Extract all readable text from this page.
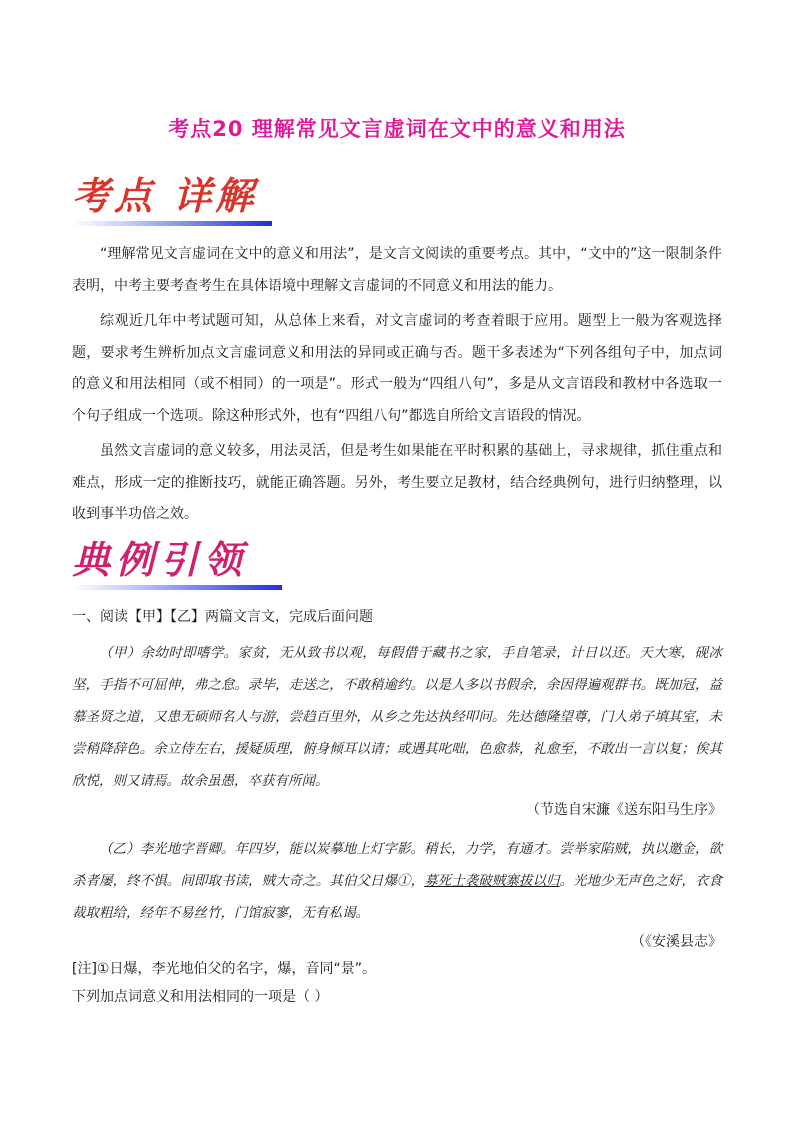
考点20 理解常见文言虚词在文中的意义和用法
考点 详解

“理解常见文言虚词在文中的意义和用法”，是文言文阅读的重要考点。其中，“文中的”这一限制条件表明，中考主要考查考生在具体语境中理解文言虚词的不同意义和用法的能力。

综观近几年中考试题可知，从总体上来看，对文言虚词的考查着眼于应用。题型上一般为客观选择题，要求考生辨析加点文言虚词意义和用法的异同或正确与否。题干多表述为“下列各组句子中，加点词的意义和用法相同（或不相同）的一项是”。形式一般为“四组八句”，多是从文言语段和教材中各选取一个句子组成一个选项。除这种形式外，也有“四组八句”都选自所给文言语段的情况。

虽然文言虚词的意义较多，用法灵活，但是考生如果能在平时积累的基础上，寻求规律，抓住重点和难点，形成一定的推断技巧，就能正确答题。另外，考生要立足教材，结合经典例句，进行归纳整理，以收到事半功倍之效。

典例引领

一、阅读【甲】【乙】两篇文言文，完成后面问题

（甲）余幼时即嗜学。家贫，无从致书以观，每假借于藏书之家，手自笔录，计日以还。天大寒，砚冰坚，手指不可屈伸，弗之怠。录毕，走送之，不敢稍逾约。以是人多以书假余，余因得遍观群书。既加冠，益慕圣贤之道，又患无硕师名人与游，尝趋百里外，从乡之先达执经叩问。先达德隆望尊，门人弟子填其室，未尝稍降辞色。余立侍左右，援疑质理，俯身倾耳以请；或遇其叱咄，色愈恭，礼愈至，不敢出一言以复；俟其欣悦，则又请焉。故余虽愚，卒获有所闻。

（节选自宋濂《送东阳马生序》

（乙）李光地字晋卿。年四岁，能以炭摹地上灯字影。稍长，力学，有通才。尝举家陷贼，执以邀金，欲杀者屡，终不惧。间即取书读，贼大奇之。其伯父日爆①，募死士袭破贼寨拔以归。光地少无声色之好，衣食裁取粗给，经年不易丝竹，门馆寂寥，无有私谒。

（《安溪县志》

[注]①日爆，李光地伯父的名字，爆，音同“景”。

下列加点词意义和用法相同的一项是（ ）
